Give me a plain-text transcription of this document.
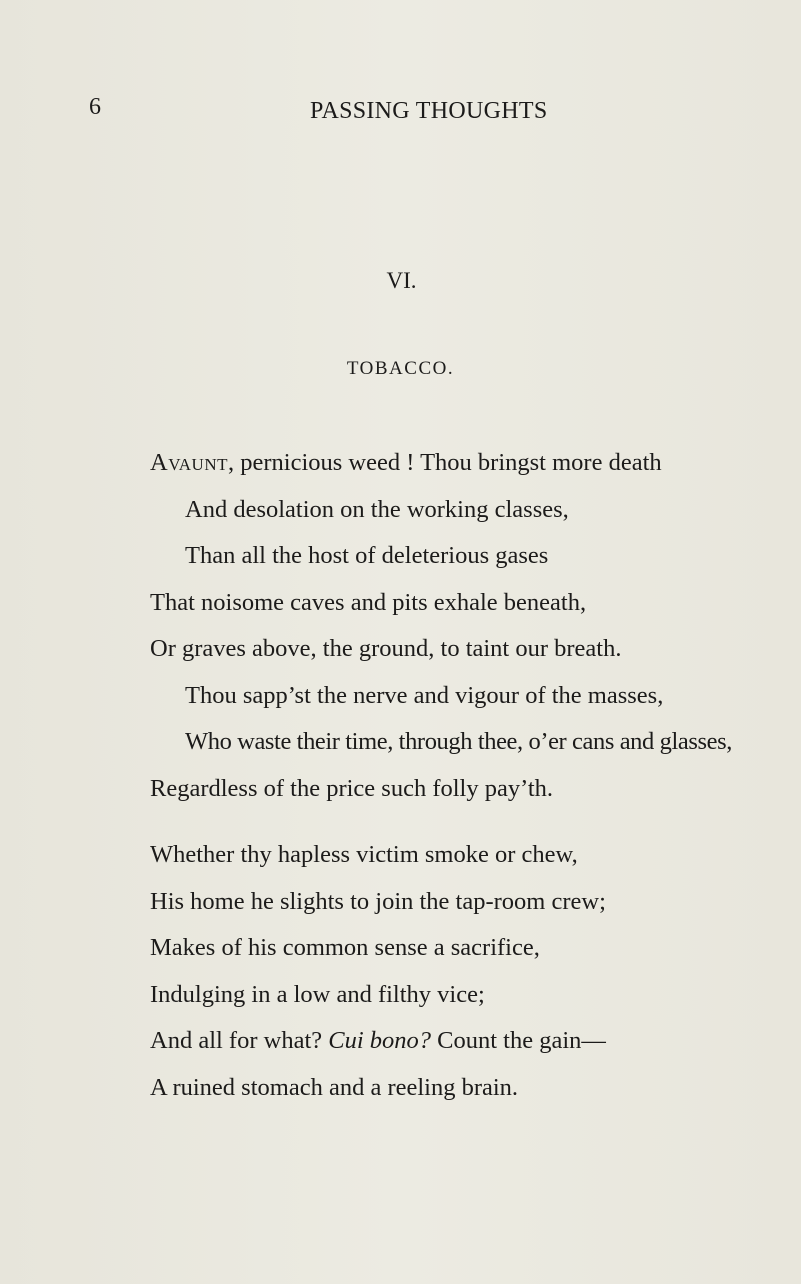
6	PASSING THOUGHTS
VI.
TOBACCO.
Avaunt, pernicious weed ! Thou bringst more death
And desolation on the working classes,
Than all the host of deleterious gases
That noisome caves and pits exhale beneath,
Or graves above, the ground, to taint our breath.
Thou sapp’st the nerve and vigour of the masses,
Who waste their time, through thee, o’er cans and glasses,
Regardless of the price such folly pay’th.
Whether thy hapless victim smoke or chew,
His home he slights to join the tap-room crew;
Makes of his common sense a sacrifice,
Indulging in a low and filthy vice;
And all for what? Cui bono? Count the gain—
A ruined stomach and a reeling brain.
